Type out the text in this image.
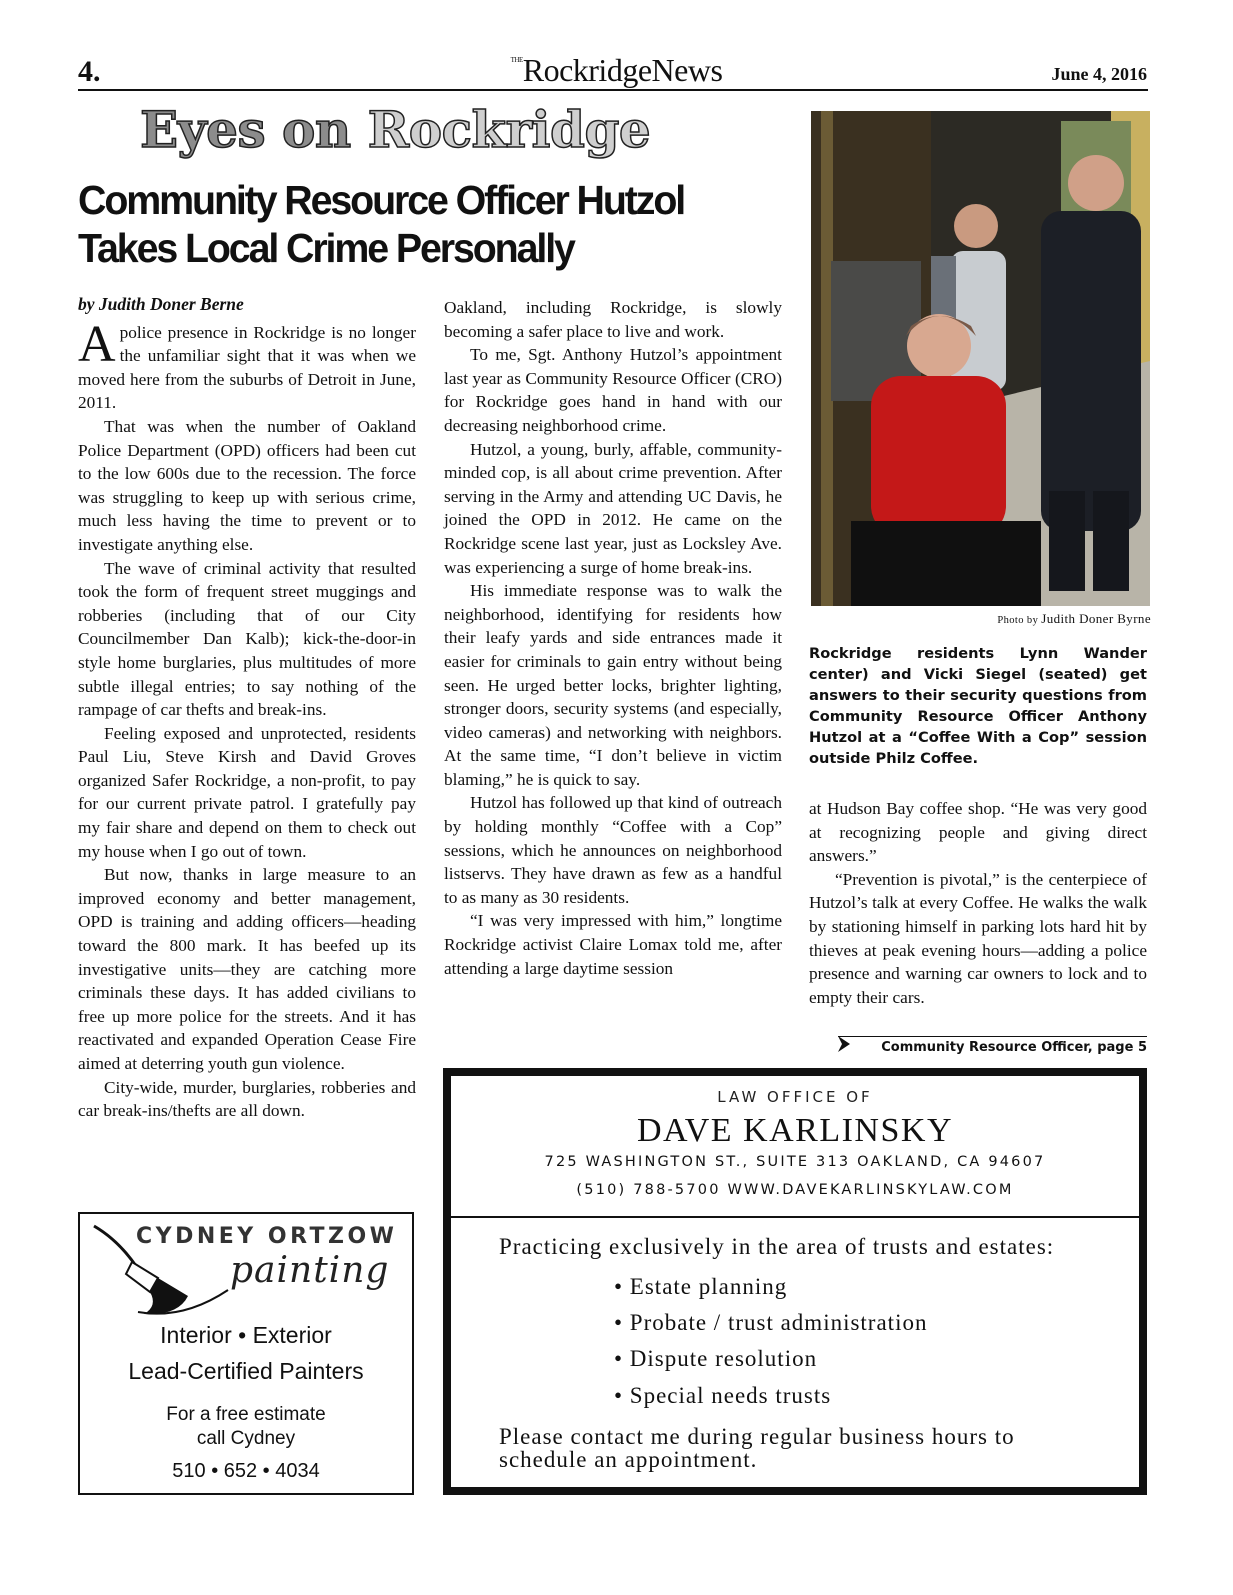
4.	$^{THE}$RockridgeNews	June 4, 2016
Eyes on Rockridge
Community Resource Officer Hutzol Takes Local Crime Personally
by Judith Doner Berne

Apolice presence in Rockridge is no longer the unfamiliar sight that it was when we moved here from the suburbs of Detroit in June, 2011.

That was when the number of Oakland Police Department (OPD) officers had been cut to the low 600s due to the recession. The force was struggling to keep up with serious crime, much less having the time to prevent or to investigate anything else.

The wave of criminal activity that resulted took the form of frequent street muggings and robberies (including that of our City Councilmember Dan Kalb); kick-the-door-in style home burglaries, plus multitudes of more subtle illegal entries; to say nothing of the rampage of car thefts and break-ins.

Feeling exposed and unprotected, residents Paul Liu, Steve Kirsh and David Groves organized Safer Rockridge, a non-profit, to pay for our current private patrol. I gratefully pay my fair share and depend on them to check out my house when I go out of town.

But now, thanks in large measure to an improved economy and better management, OPD is training and adding officers—heading toward the 800 mark. It has beefed up its investigative units—they are catching more criminals these days. It has added civilians to free up more police for the streets. And it has reactivated and expanded Operation Cease Fire aimed at deterring youth gun violence.

City-wide, murder, burglaries, robberies and car break-ins/thefts are all down.

Oakland, including Rockridge, is slowly becoming a safer place to live and work.

To me, Sgt. Anthony Hutzol’s appointment last year as Community Resource Officer (CRO) for Rockridge goes hand in hand with our decreasing neighborhood crime.

Hutzol, a young, burly, affable, community-minded cop, is all about crime prevention. After serving in the Army and attending UC Davis, he joined the OPD in 2012. He came on the Rockridge scene last year, just as Locksley Ave. was experiencing a surge of home break-ins.

His immediate response was to walk the neighborhood, identifying for residents how their leafy yards and side entrances made it easier for criminals to gain entry without being seen. He urged better locks, brighter lighting, stronger doors, security systems (and especially, video cameras) and networking with neighbors. At the same time, “I don’t believe in victim blaming,” he is quick to say.

Hutzol has followed up that kind of outreach by holding monthly “Coffee with a Cop” sessions, which he announces on neighborhood listservs. They have drawn as few as a handful to as many as 30 residents.

“I was very impressed with him,” longtime Rockridge activist Claire Lomax told me, after attending a large daytime session

Photo by Judith Doner Byrne
Rockridge residents Lynn Wander center) and Vicki Siegel (seated) get answers to their security questions from Community Resource Officer Anthony Hutzol at a “Coffee With a Cop” session outside Philz Coffee.

at Hudson Bay coffee shop. “He was very good at recognizing people and giving direct answers.”

“Prevention is pivotal,” is the centerpiece of Hutzol’s talk at every Coffee. He walks the walk by stationing himself in parking lots hard hit by thieves at peak evening hours—adding a police presence and warning car owners to lock and to empty their cars.

Community Resource Officer, page 5
CYDNEY ORTZOW
painting
Interior • Exterior
Lead-Certified Painters
For a free estimate
call Cydney
510 • 652 • 4034
LAW OFFICE OF
DAVE KARLINSKY
725 WASHINGTON ST., SUITE 313 OAKLAND, CA 94607
(510) 788-5700 WWW.DAVEKARLINSKYLAW.COM
Practicing exclusively in the area of trusts and estates:
• Estate planning
• Probate / trust administration
• Dispute resolution
• Special needs trusts
Please contact me during regular business hours to schedule an appointment.
